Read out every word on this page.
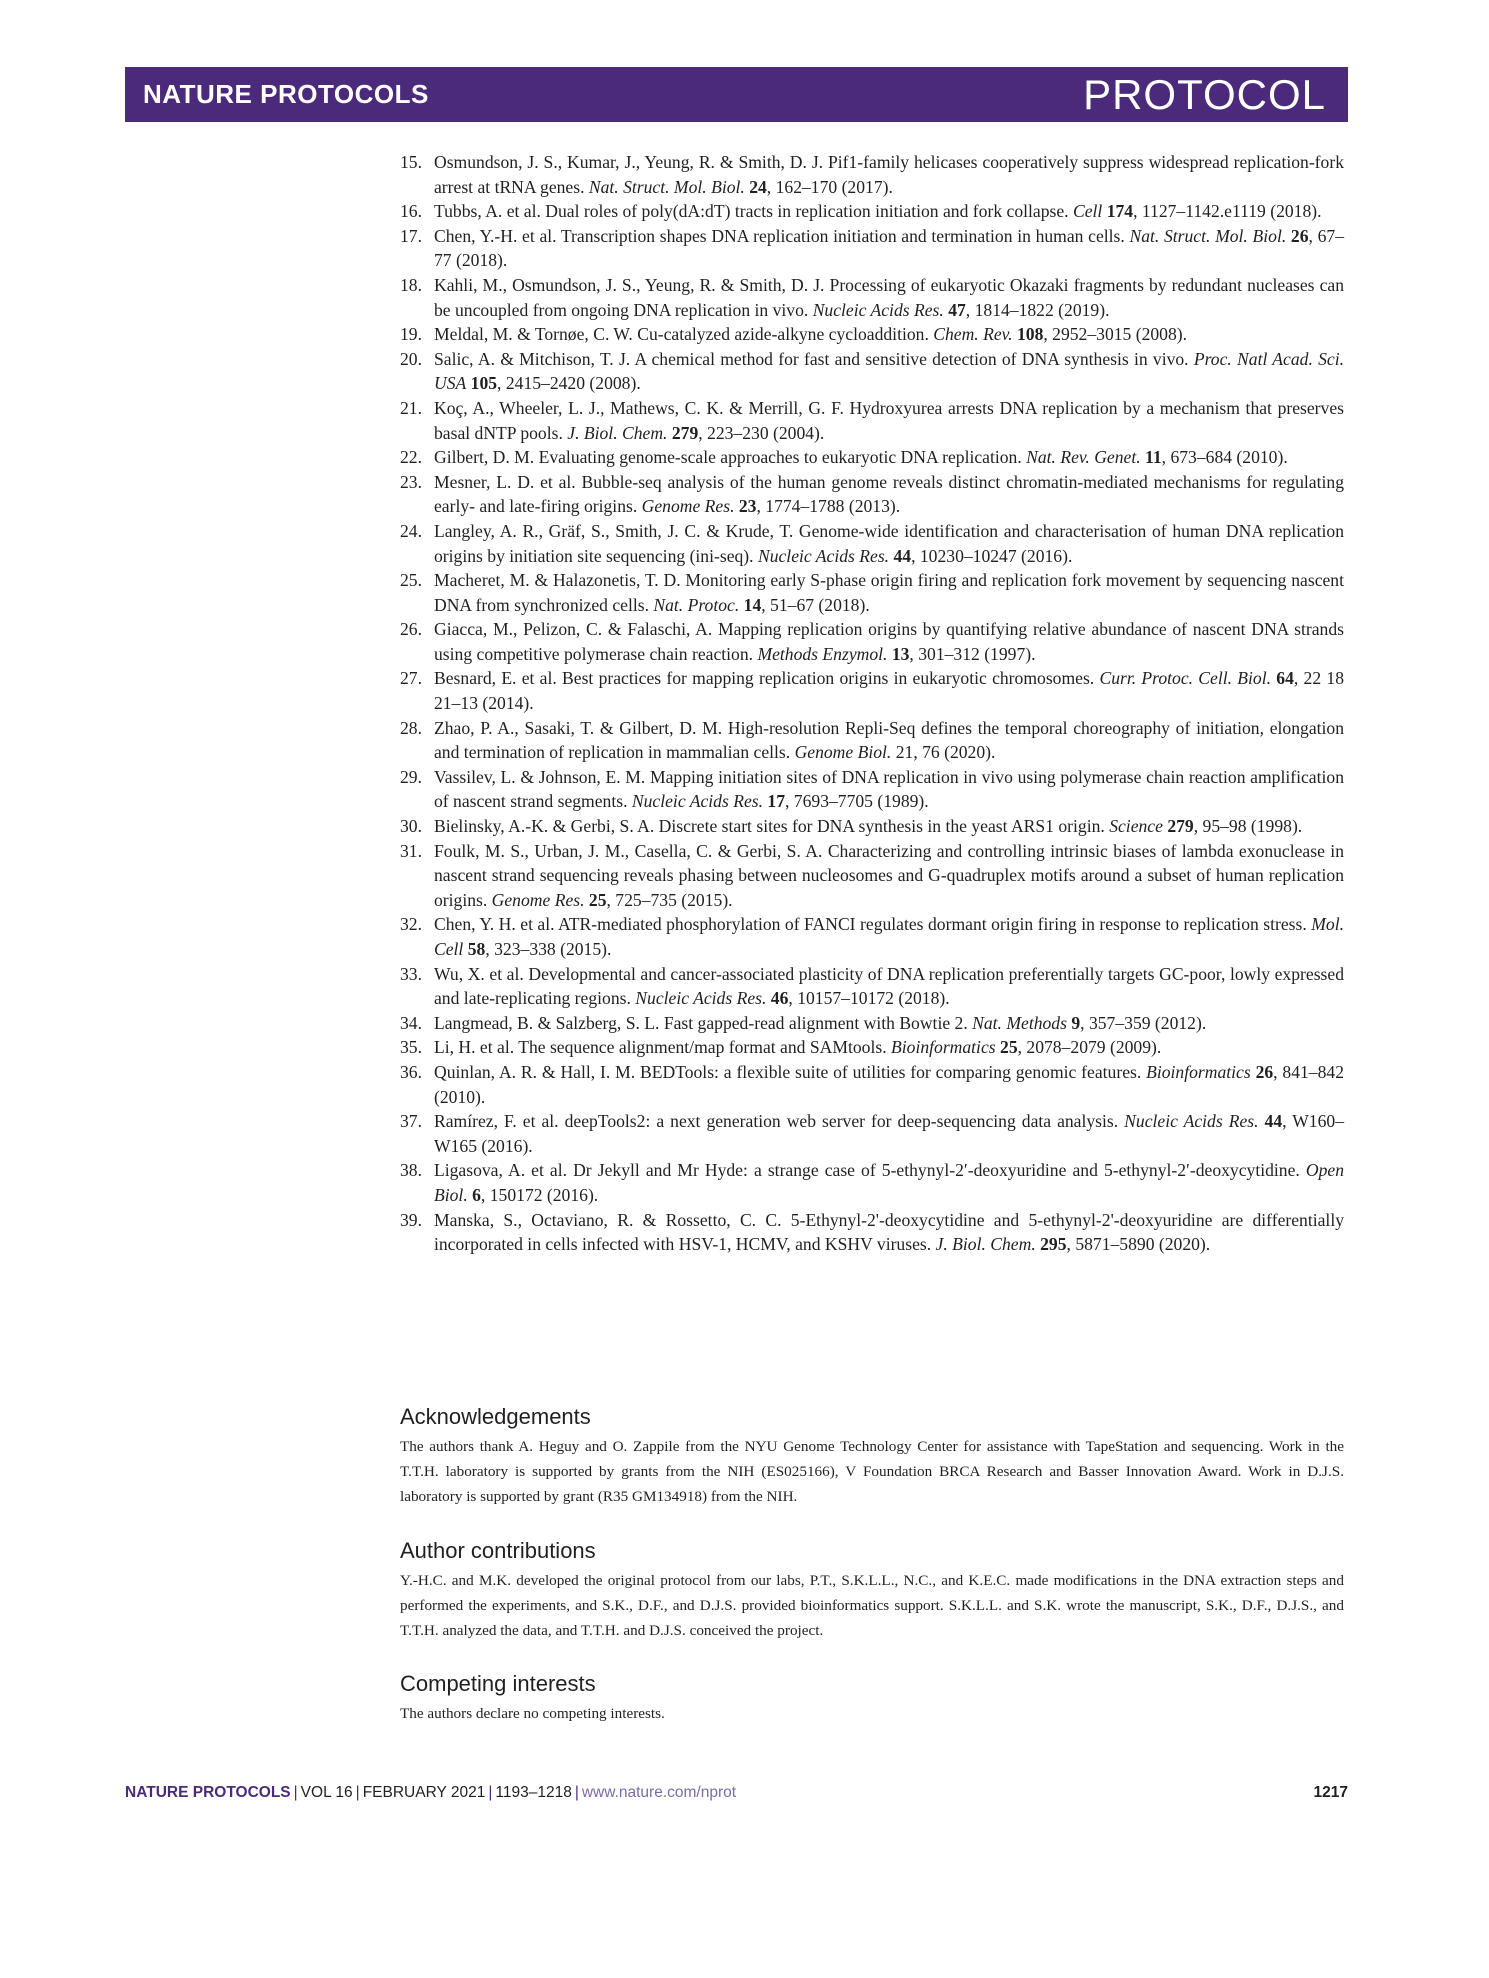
NATURE PROTOCOLS	PROTOCOL
15. Osmundson, J. S., Kumar, J., Yeung, R. & Smith, D. J. Pif1-family helicases cooperatively suppress widespread replication-fork arrest at tRNA genes. Nat. Struct. Mol. Biol. 24, 162–170 (2017).
16. Tubbs, A. et al. Dual roles of poly(dA:dT) tracts in replication initiation and fork collapse. Cell 174, 1127–1142.e1119 (2018).
17. Chen, Y.-H. et al. Transcription shapes DNA replication initiation and termination in human cells. Nat. Struct. Mol. Biol. 26, 67–77 (2018).
18. Kahli, M., Osmundson, J. S., Yeung, R. & Smith, D. J. Processing of eukaryotic Okazaki fragments by redundant nucleases can be uncoupled from ongoing DNA replication in vivo. Nucleic Acids Res. 47, 1814–1822 (2019).
19. Meldal, M. & Tornøe, C. W. Cu-catalyzed azide-alkyne cycloaddition. Chem. Rev. 108, 2952–3015 (2008).
20. Salic, A. & Mitchison, T. J. A chemical method for fast and sensitive detection of DNA synthesis in vivo. Proc. Natl Acad. Sci. USA 105, 2415–2420 (2008).
21. Koç, A., Wheeler, L. J., Mathews, C. K. & Merrill, G. F. Hydroxyurea arrests DNA replication by a mechanism that preserves basal dNTP pools. J. Biol. Chem. 279, 223–230 (2004).
22. Gilbert, D. M. Evaluating genome-scale approaches to eukaryotic DNA replication. Nat. Rev. Genet. 11, 673–684 (2010).
23. Mesner, L. D. et al. Bubble-seq analysis of the human genome reveals distinct chromatin-mediated mechanisms for regulating early- and late-firing origins. Genome Res. 23, 1774–1788 (2013).
24. Langley, A. R., Gräf, S., Smith, J. C. & Krude, T. Genome-wide identification and characterisation of human DNA replication origins by initiation site sequencing (ini-seq). Nucleic Acids Res. 44, 10230–10247 (2016).
25. Macheret, M. & Halazonetis, T. D. Monitoring early S-phase origin firing and replication fork movement by sequencing nascent DNA from synchronized cells. Nat. Protoc. 14, 51–67 (2018).
26. Giacca, M., Pelizon, C. & Falaschi, A. Mapping replication origins by quantifying relative abundance of nascent DNA strands using competitive polymerase chain reaction. Methods Enzymol. 13, 301–312 (1997).
27. Besnard, E. et al. Best practices for mapping replication origins in eukaryotic chromosomes. Curr. Protoc. Cell. Biol. 64, 22 18 21–13 (2014).
28. Zhao, P. A., Sasaki, T. & Gilbert, D. M. High-resolution Repli-Seq defines the temporal choreography of initiation, elongation and termination of replication in mammalian cells. Genome Biol. 21, 76 (2020).
29. Vassilev, L. & Johnson, E. M. Mapping initiation sites of DNA replication in vivo using polymerase chain reaction amplification of nascent strand segments. Nucleic Acids Res. 17, 7693–7705 (1989).
30. Bielinsky, A.-K. & Gerbi, S. A. Discrete start sites for DNA synthesis in the yeast ARS1 origin. Science 279, 95–98 (1998).
31. Foulk, M. S., Urban, J. M., Casella, C. & Gerbi, S. A. Characterizing and controlling intrinsic biases of lambda exonuclease in nascent strand sequencing reveals phasing between nucleosomes and G-quadruplex motifs around a subset of human replication origins. Genome Res. 25, 725–735 (2015).
32. Chen, Y. H. et al. ATR-mediated phosphorylation of FANCI regulates dormant origin firing in response to replication stress. Mol. Cell 58, 323–338 (2015).
33. Wu, X. et al. Developmental and cancer-associated plasticity of DNA replication preferentially targets GC-poor, lowly expressed and late-replicating regions. Nucleic Acids Res. 46, 10157–10172 (2018).
34. Langmead, B. & Salzberg, S. L. Fast gapped-read alignment with Bowtie 2. Nat. Methods 9, 357–359 (2012).
35. Li, H. et al. The sequence alignment/map format and SAMtools. Bioinformatics 25, 2078–2079 (2009).
36. Quinlan, A. R. & Hall, I. M. BEDTools: a flexible suite of utilities for comparing genomic features. Bioinformatics 26, 841–842 (2010).
37. Ramírez, F. et al. deepTools2: a next generation web server for deep-sequencing data analysis. Nucleic Acids Res. 44, W160–W165 (2016).
38. Ligasova, A. et al. Dr Jekyll and Mr Hyde: a strange case of 5-ethynyl-2′-deoxyuridine and 5-ethynyl-2′-deoxycytidine. Open Biol. 6, 150172 (2016).
39. Manska, S., Octaviano, R. & Rossetto, C. C. 5-Ethynyl-2'-deoxycytidine and 5-ethynyl-2'-deoxyuridine are differentially incorporated in cells infected with HSV-1, HCMV, and KSHV viruses. J. Biol. Chem. 295, 5871–5890 (2020).
Acknowledgements

The authors thank A. Heguy and O. Zappile from the NYU Genome Technology Center for assistance with TapeStation and sequencing. Work in the T.T.H. laboratory is supported by grants from the NIH (ES025166), V Foundation BRCA Research and Basser Innovation Award. Work in D.J.S. laboratory is supported by grant (R35 GM134918) from the NIH.

Author contributions

Y.-H.C. and M.K. developed the original protocol from our labs, P.T., S.K.L.L., N.C., and K.E.C. made modifications in the DNA extraction steps and performed the experiments, and S.K., D.F., and D.J.S. provided bioinformatics support. S.K.L.L. and S.K. wrote the manuscript, S.K., D.F., D.J.S., and T.T.H. analyzed the data, and T.T.H. and D.J.S. conceived the project.

Competing interests

The authors declare no competing interests.

NATURE PROTOCOLS | VOL 16 | FEBRUARY 2021 | 1193–1218 | www.nature.com/nprot	1217
